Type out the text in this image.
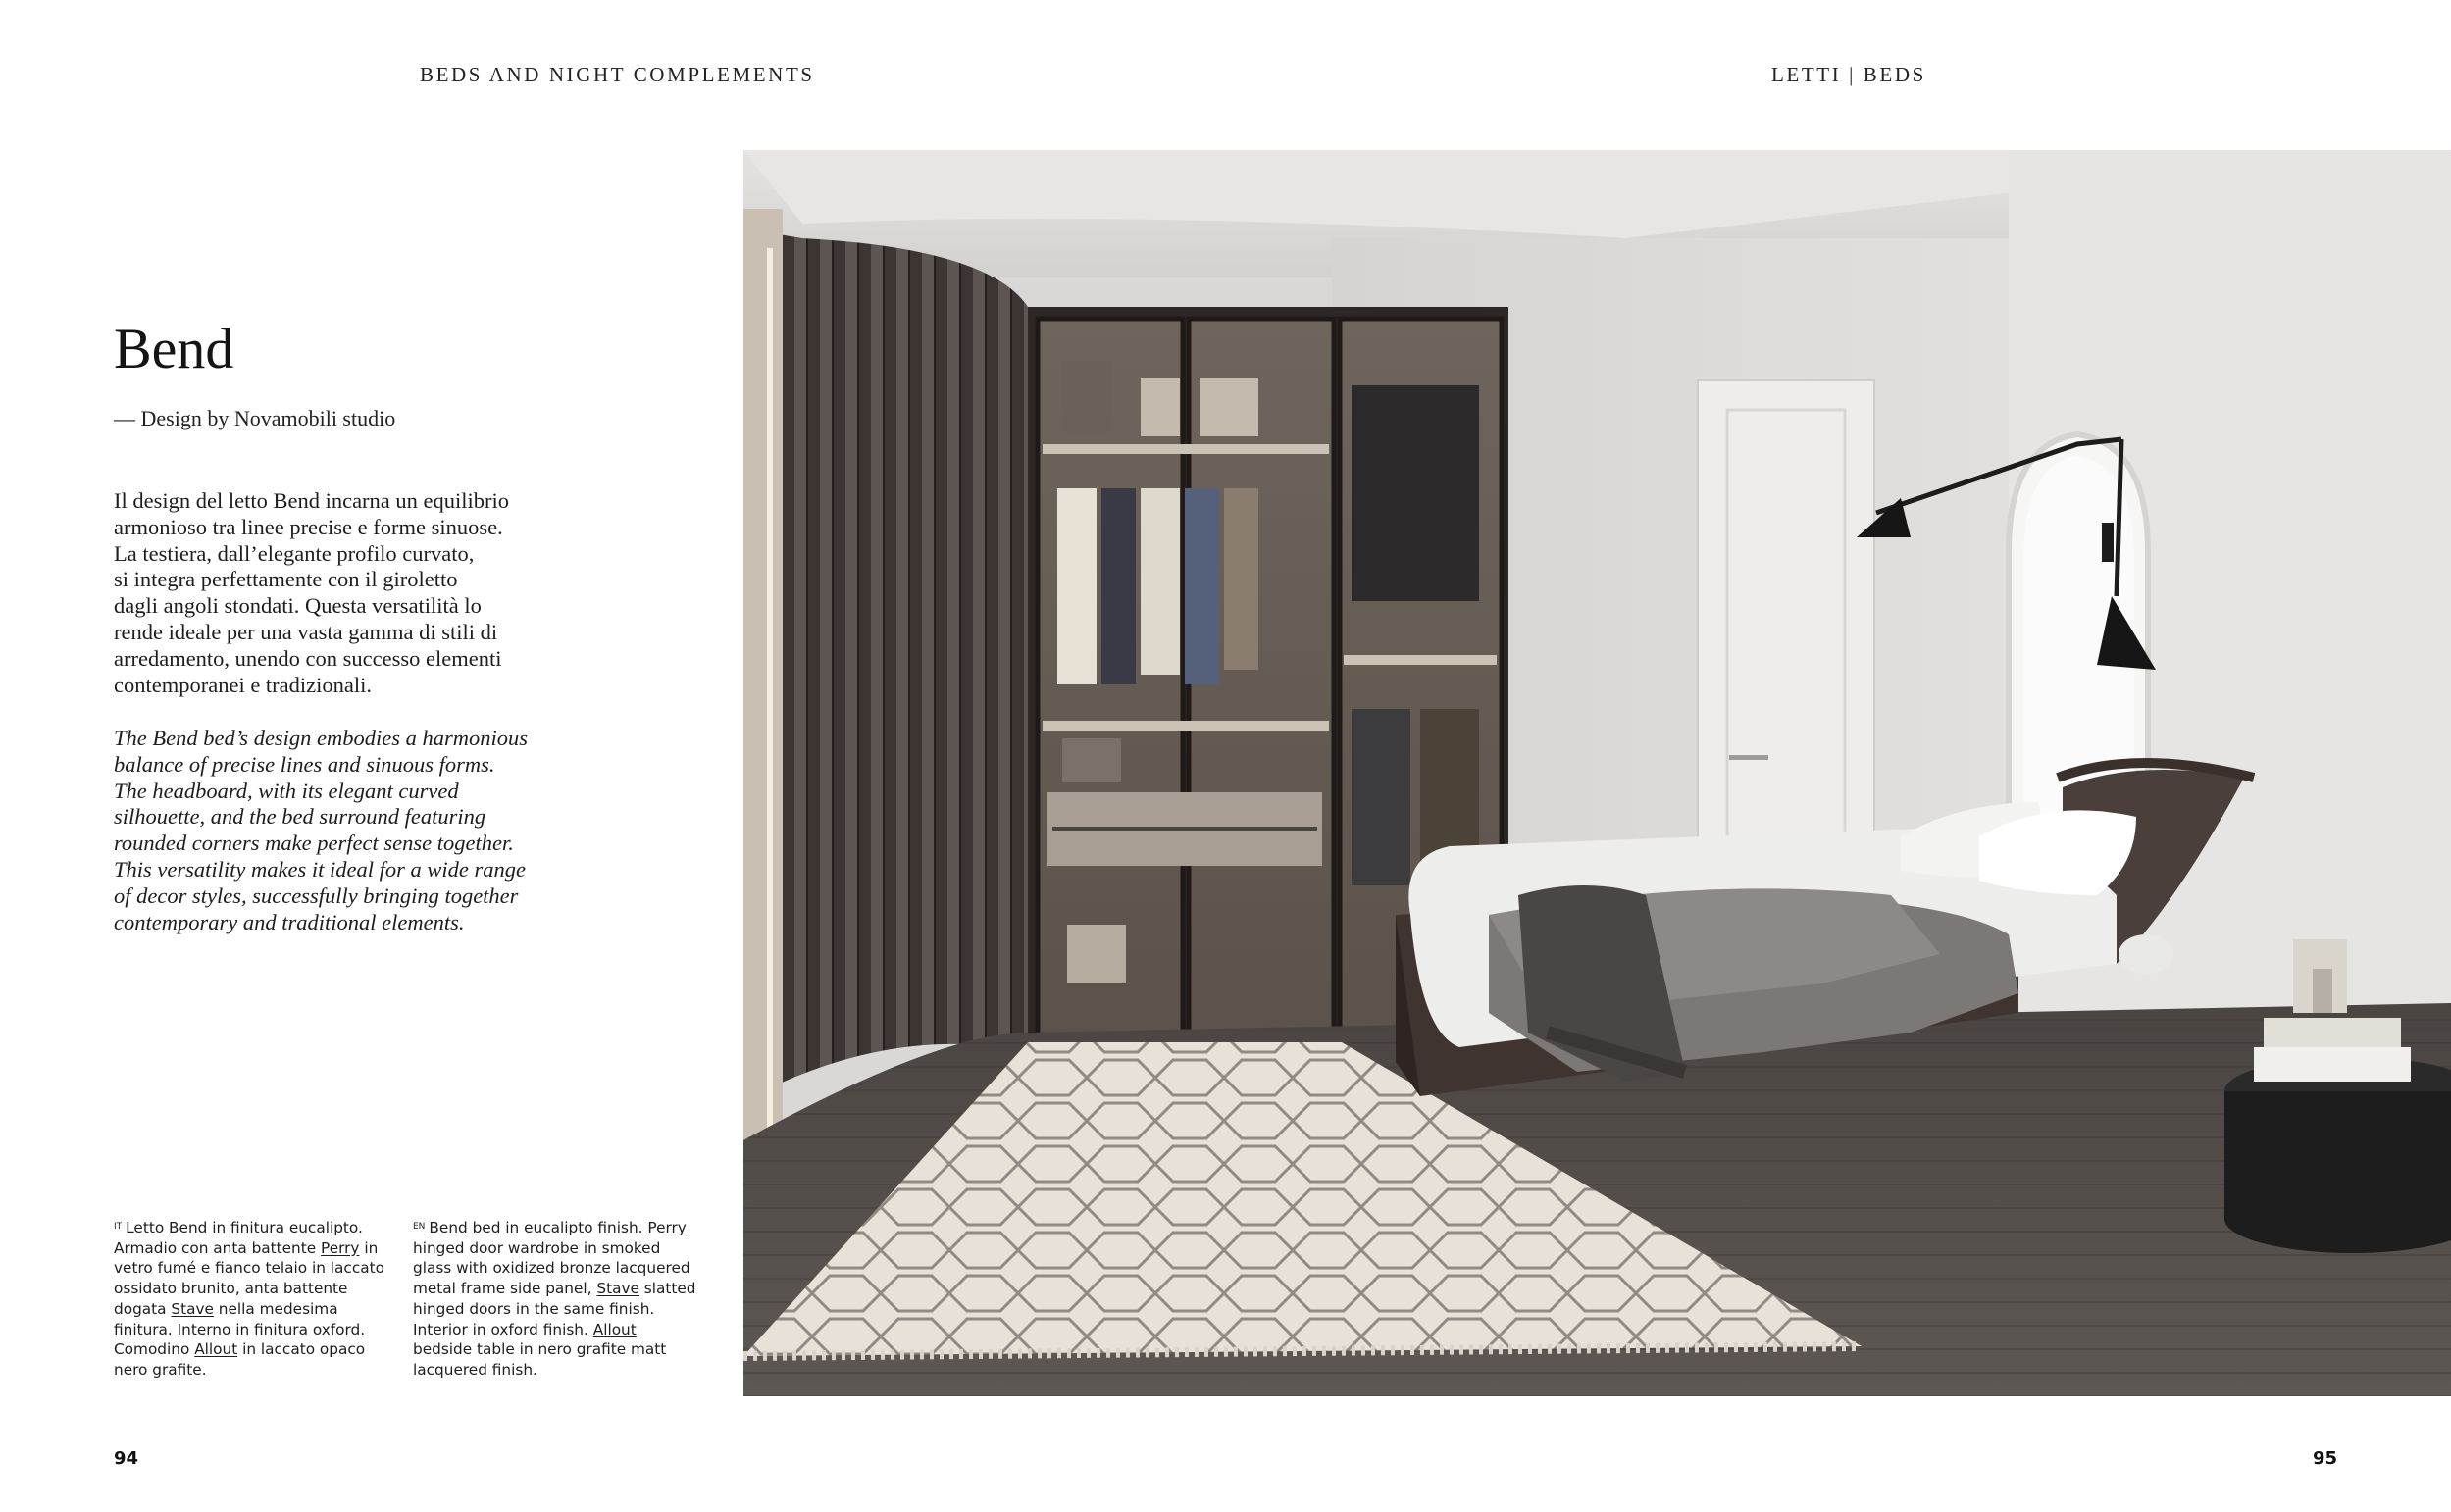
BEDS AND NIGHT COMPLEMENTS	LETTI | BEDS
Bend
— Design by Novamobili studio
Il design del letto Bend incarna un equilibrio
armonioso tra linee precise e forme sinuose.
La testiera, dall’elegante profilo curvato,
si integra perfettamente con il giroletto
dagli angoli stondati. Questa versatilità lo
rende ideale per una vasta gamma di stili di
arredamento, unendo con successo elementi
contemporanei e tradizionali.
The Bend bed’s design embodies a harmonious
balance of precise lines and sinuous forms.
The headboard, with its elegant curved
silhouette, and the bed surround featuring
rounded corners make perfect sense together.
This versatility makes it ideal for a wide range
of decor styles, successfully bringing together
contemporary and traditional elements.
$^{IT}$ Letto Bend in finitura eucalipto. Armadio con anta battente Perry in vetro fumé e fianco telaio in laccato ossidato brunito, anta battente dogata Stave nella medesima finitura. Interno in finitura oxford. Comodino Allout in laccato opaco nero grafite.
$^{EN}$ Bend bed in eucalipto finish. Perry hinged door wardrobe in smoked glass with oxidized bronze lacquered metal frame side panel, Stave slatted hinged doors in the same finish. Interior in oxford finish. Allout bedside table in nero grafite matt lacquered finish.
94	95
